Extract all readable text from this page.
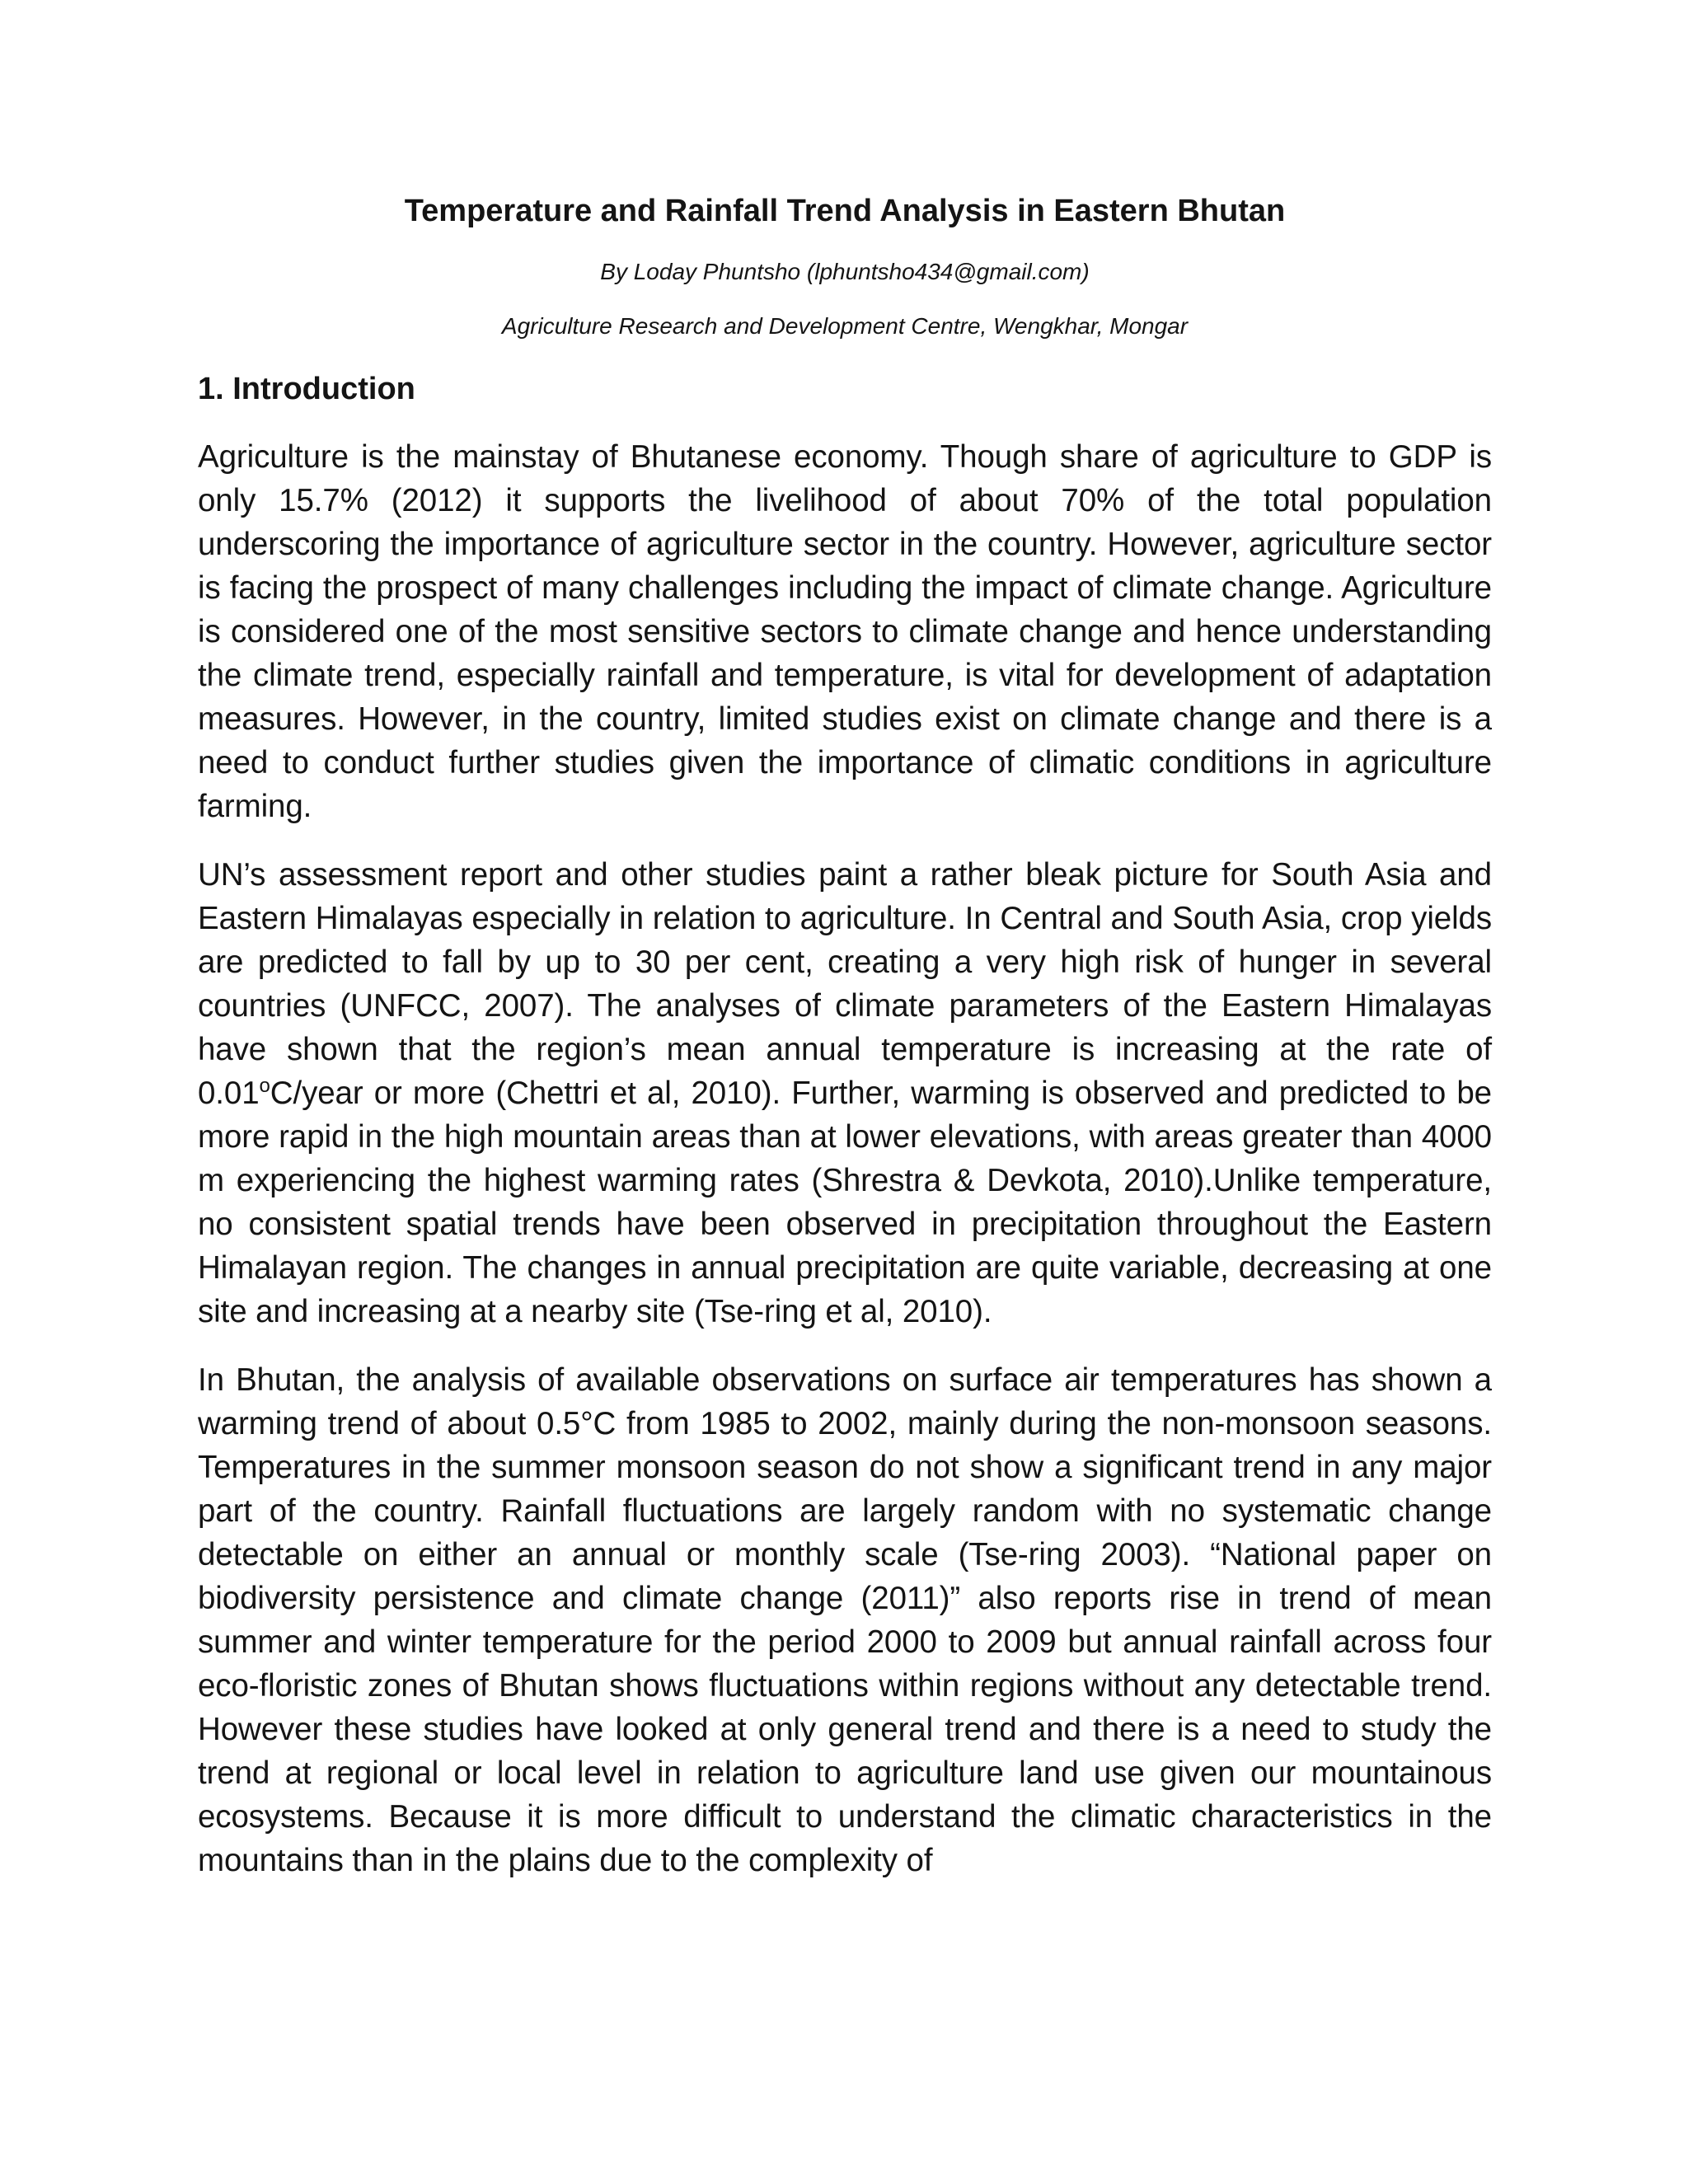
Temperature and Rainfall Trend Analysis in Eastern Bhutan

By Loday Phuntsho (lphuntsho434@gmail.com)

Agriculture Research and Development Centre, Wengkhar, Mongar

1. Introduction

Agriculture is the mainstay of Bhutanese economy. Though share of agriculture to GDP is only 15.7% (2012) it supports the livelihood of about 70% of the total population underscoring the importance of agriculture sector in the country. However, agriculture sector is facing the prospect of many challenges including the impact of climate change. Agriculture is considered one of the most sensitive sectors to climate change and hence understanding the climate trend, especially rainfall and temperature, is vital for development of adaptation measures. However, in the country, limited studies exist on climate change and there is a need to conduct further studies given the importance of climatic conditions in agriculture farming.

UN’s assessment report and other studies paint a rather bleak picture for South Asia and Eastern Himalayas especially in relation to agriculture. In Central and South Asia, crop yields are predicted to fall by up to 30 per cent, creating a very high risk of hunger in several countries (UNFCC, 2007). The analyses of climate parameters of the Eastern Himalayas have shown that the region’s mean annual temperature is increasing at the rate of 0.01$^o$C/year or more (Chettri et al, 2010). Further, warming is observed and predicted to be more rapid in the high mountain areas than at lower elevations, with areas greater than 4000 m experiencing the highest warming rates (Shrestra & Devkota, 2010).Unlike temperature, no consistent spatial trends have been observed in precipitation throughout the Eastern Himalayan region. The changes in annual precipitation are quite variable, decreasing at one site and increasing at a nearby site (Tse-ring et al, 2010).

In Bhutan, the analysis of available observations on surface air temperatures has shown a warming trend of about 0.5°C from 1985 to 2002, mainly during the non-monsoon seasons. Temperatures in the summer monsoon season do not show a significant trend in any major part of the country. Rainfall fluctuations are largely random with no systematic change detectable on either an annual or monthly scale (Tse-ring 2003). “National paper on biodiversity persistence and climate change (2011)” also reports rise in trend of mean summer and winter temperature for the period 2000 to 2009 but annual rainfall across four eco-floristic zones of Bhutan shows fluctuations within regions without any detectable trend. However these studies have looked at only general trend and there is a need to study the trend at regional or local level in relation to agriculture land use given our mountainous ecosystems. Because it is more difficult to understand the climatic characteristics in the mountains than in the plains due to the complexity of
